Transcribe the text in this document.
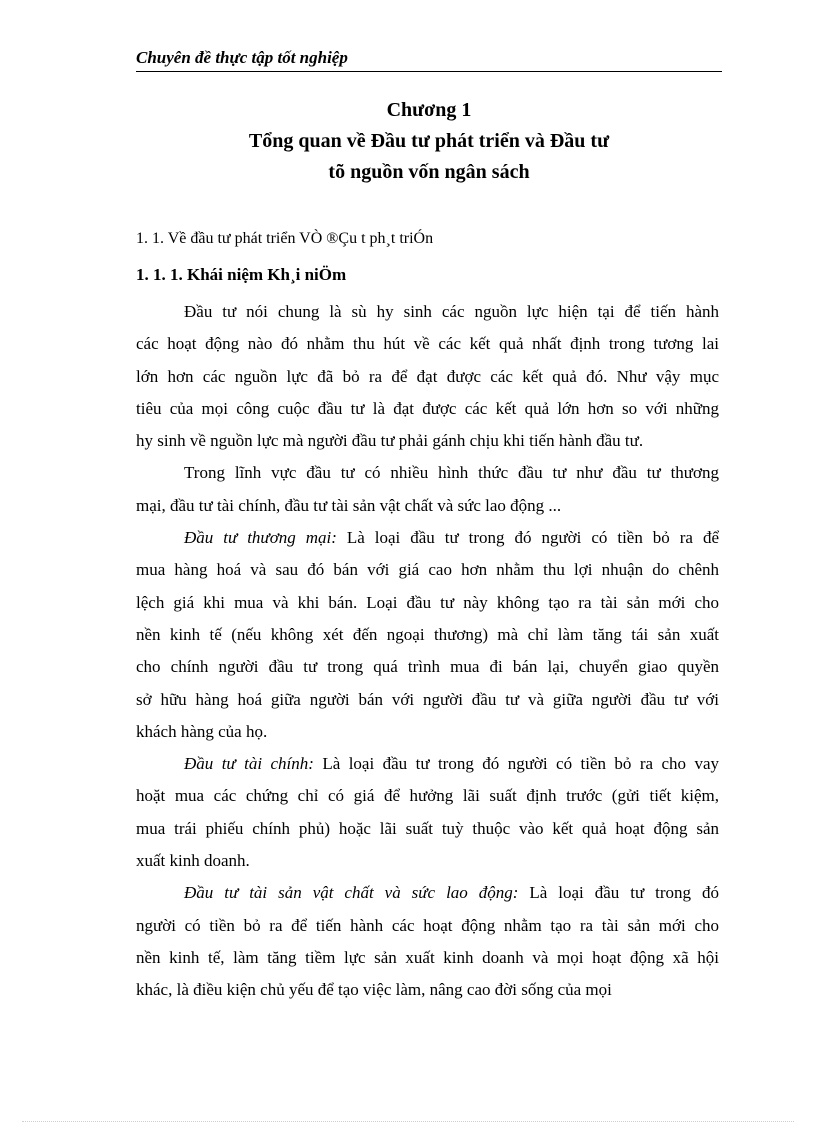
Chuyên đề thực tập tốt nghiệp
Chương 1
Tổng quan về Đầu tư phát triển và Đầu tư
tõ nguồn vốn ngân sách
1. 1. Về đầu tư phát triển VÒ ®Çu t ph¸t triÓn
1. 1. 1. Khái niệm Kh¸i niÖm
Đầu tư nói chung là sù hy sinh các nguồn lực hiện tại để tiến hành
các hoạt động nào đó nhằm thu hút về các kết quả nhất định trong tương lai
lớn hơn các nguồn lực đã bỏ ra để đạt được các kết quả đó. Như vậy mục
tiêu của mọi công cuộc đầu tư là đạt được các kết quả lớn hơn so với những
hy sinh về nguồn lực mà người đầu tư phải gánh chịu khi tiến hành đầu tư.
Trong lĩnh vực đầu tư có nhiều hình thức đầu tư như đầu tư thương
mại, đầu tư tài chính, đầu tư tài sản vật chất và sức lao động ...
Đầu tư thương mại: Là loại đầu tư trong đó người có tiền bỏ ra để
mua hàng hoá và sau đó bán với giá cao hơn nhằm thu lợi nhuận do chênh
lệch giá khi mua và khi bán. Loại đầu tư này không tạo ra tài sản mới cho
nền kinh tế (nếu không xét đến ngoại thương) mà chỉ làm tăng tái sản xuất
cho chính người đầu tư trong quá trình mua đi bán lại, chuyển giao quyền
sở hữu hàng hoá giữa người bán với người đầu tư và giữa người đầu tư với
khách hàng của họ.
Đầu tư tài chính: Là loại đầu tư trong đó người có tiền bỏ ra cho vay
hoặt mua các chứng chỉ có giá để hưởng lãi suất định trước (gửi tiết kiệm,
mua trái phiếu chính phủ) hoặc lãi suất tuỳ thuộc vào kết quả hoạt động sản
xuất kinh doanh.
Đầu tư tài sản vật chất và sức lao động: Là loại đầu tư trong đó
người có tiền bỏ ra để tiến hành các hoạt động nhằm tạo ra tài sản mới cho
nền kinh tế, làm tăng tiềm lực sản xuất kinh doanh và mọi hoạt động xã hội
khác, là điều kiện chủ yếu để tạo việc làm, nâng cao đời sống của mọi
